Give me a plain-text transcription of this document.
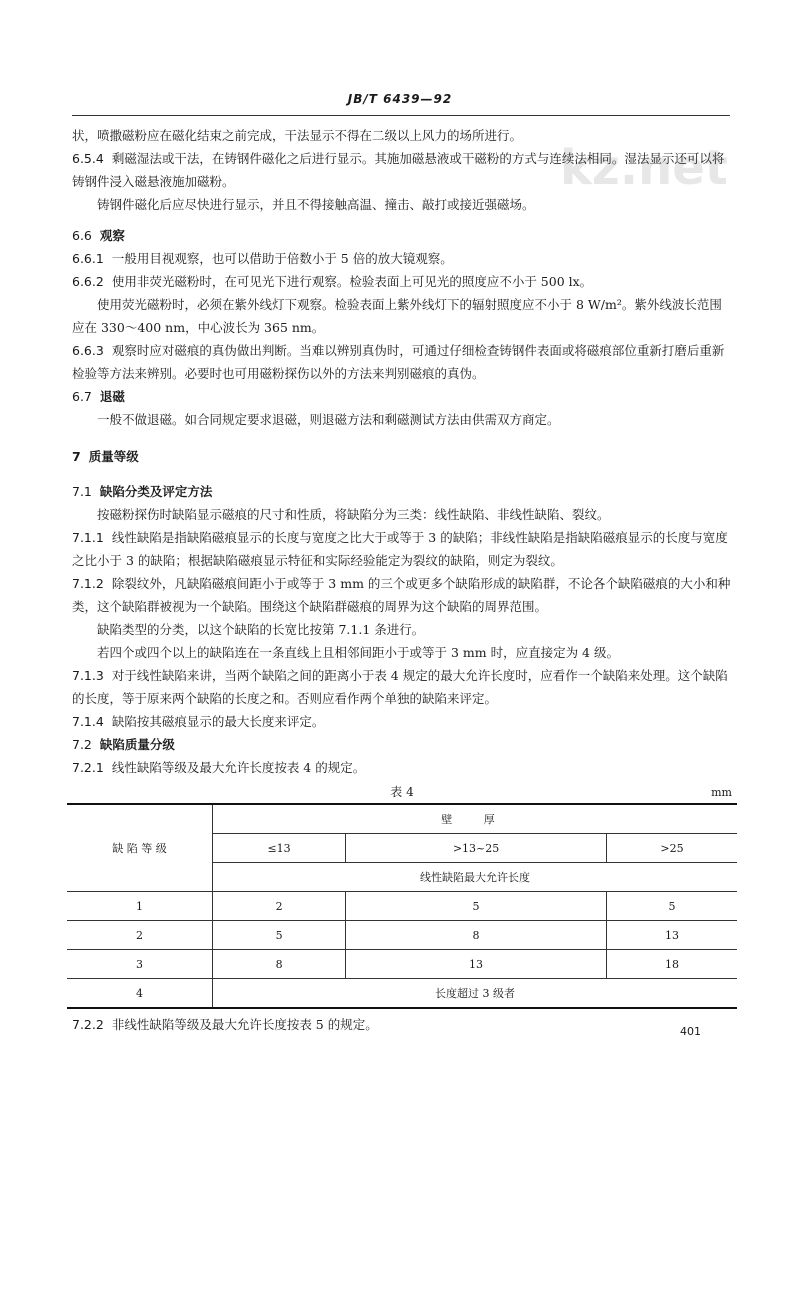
JB/T 6439—92
kz.net

状，喷撒磁粉应在磁化结束之前完成，干法显示不得在二级以上风力的场所进行。

6.5.4 剩磁湿法或干法，在铸钢件磁化之后进行显示。其施加磁悬液或干磁粉的方式与连续法相同。湿法显示还可以将铸钢件浸入磁悬液施加磁粉。

铸钢件磁化后应尽快进行显示，并且不得接触高温、撞击、敲打或接近强磁场。

6.6 观察

6.6.1 一般用目视观察，也可以借助于倍数小于 5 倍的放大镜观察。

6.6.2 使用非荧光磁粉时，在可见光下进行观察。检验表面上可见光的照度应不小于 500 lx。

使用荧光磁粉时，必须在紫外线灯下观察。检验表面上紫外线灯下的辐射照度应不小于 8 W/m²。紫外线波长范围应在 330～400 nm，中心波长为 365 nm。

6.6.3 观察时应对磁痕的真伪做出判断。当难以辨别真伪时，可通过仔细检查铸钢件表面或将磁痕部位重新打磨后重新检验等方法来辨别。必要时也可用磁粉探伤以外的方法来判别磁痕的真伪。

6.7 退磁

一般不做退磁。如合同规定要求退磁，则退磁方法和剩磁测试方法由供需双方商定。

7 质量等级

7.1 缺陷分类及评定方法

按磁粉探伤时缺陷显示磁痕的尺寸和性质，将缺陷分为三类：线性缺陷、非线性缺陷、裂纹。

7.1.1 线性缺陷是指缺陷磁痕显示的长度与宽度之比大于或等于 3 的缺陷；非线性缺陷是指缺陷磁痕显示的长度与宽度之比小于 3 的缺陷；根据缺陷磁痕显示特征和实际经验能定为裂纹的缺陷，则定为裂纹。

7.1.2 除裂纹外，凡缺陷磁痕间距小于或等于 3 mm 的三个或更多个缺陷形成的缺陷群，不论各个缺陷磁痕的大小和种类，这个缺陷群被视为一个缺陷。围绕这个缺陷群磁痕的周界为这个缺陷的周界范围。

缺陷类型的分类，以这个缺陷的长宽比按第 7.1.1 条进行。

若四个或四个以上的缺陷连在一条直线上且相邻间距小于或等于 3 mm 时，应直接定为 4 级。

7.1.3 对于线性缺陷来讲，当两个缺陷之间的距离小于表 4 规定的最大允许长度时，应看作一个缺陷来处理。这个缺陷的长度，等于原来两个缺陷的长度之和。否则应看作两个单独的缺陷来评定。

7.1.4 缺陷按其磁痕显示的最大长度来评定。

7.2 缺陷质量分级

7.2.1 线性缺陷等级及最大允许长度按表 4 的规定。

表 4	mm
缺 陷 等 级	壁 厚		
	≤13	>13~25	>25
	线性缺陷最大允许长度		
1	2	5	5
2	5	8	13
3	8	13	18
4	长度超过 3 级者		

7.2.2 非线性缺陷等级及最大允许长度按表 5 的规定。	401
